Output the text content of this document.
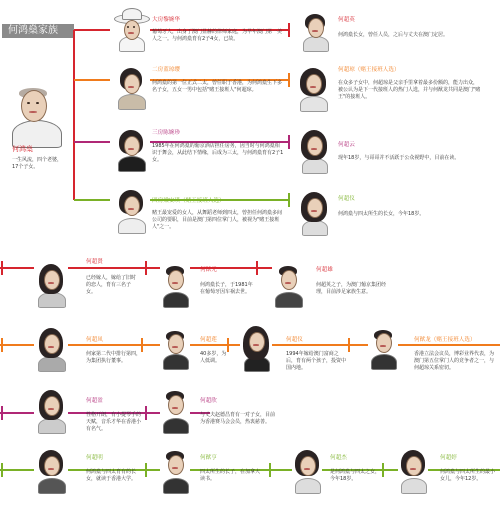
何鸿燊家族
何鸿燊
一生风流，四个老婆，17个子女。
大房黎婉华
葡萄牙人，出身于澳门显赫的律师家庭，为早年澳门第一美人之一。与何鸿燊育有2子4女，已故。
何超英
何鸿燊长女，曾任人员，之后与丈夫在澳门定居。
二房蓝琼缨
何鸿燊的第一位正式二太，曾任职于香港，为何鸿燊生下多名子女，五女一男中包括"赌王接班人"何超琼。
何超琼（赌王接班人选）
在众多子女中，何超琼是父亲手里拿着最多份额的，能力出众，被公认为是下一代接班人的热门人选，并与何猷龙共同是澳门"赌王"的接班人。
三房陈婉珍
1985年在何鸿燊的葡京酒店担任房务，因当时与何鸿燊相识于舞会，从此结下情缘，后成为三太，与何鸿燊育有2子1女。
何超云
现年18岁，与哥哥并不活跃于公众视野中，目前在读。
四房梁安琪（赌王接班人选）
赌王最宠爱的女人，从舞蹈老师到四太，曾担任何鸿燊多间公司的要职，目前是澳门第四位掌门人，被视为"赌王接班人"之一。
何超仪
何鸿燊与四太所生的长女，今年18岁。
何超贤
已经嫁人，嫁给了旧时的恋人，育有三名子女。
何猷光
何鸿燊长子，于1981年在葡萄牙因车祸去世。
何超雄
何超英之子，为澳门葡京集团经理，目前涉足家族生意。
何超凤
何家第二代中排行第四，为集团执行董事。
何超莲
40多岁，为人低调。
何超仪
1994年嫁给澳门富商之后，育有两个孩子，投资中国内地。
何猷龙（赌王接班人选）
香港立法会议员，博彩业界代表，为澳门第五位掌门人的竞争者之一，与何超琼关系密切。
何超盈
性格开朗，有小提琴手的天赋，音乐才华在香港小有名气。
何超欣
与丈夫赵德昌育有一对子女，目前为香港赛马会会员，热衷慈善。
何超明
何鸿燊与四太育有的长女，就读于香港大学。
何猷亨
四太所生的长子，在加拿大读书。
何超杰
是何鸿燊与四太之女，今年18岁。
何超婷
何鸿燊与四太所生的最小女儿，今年12岁。
